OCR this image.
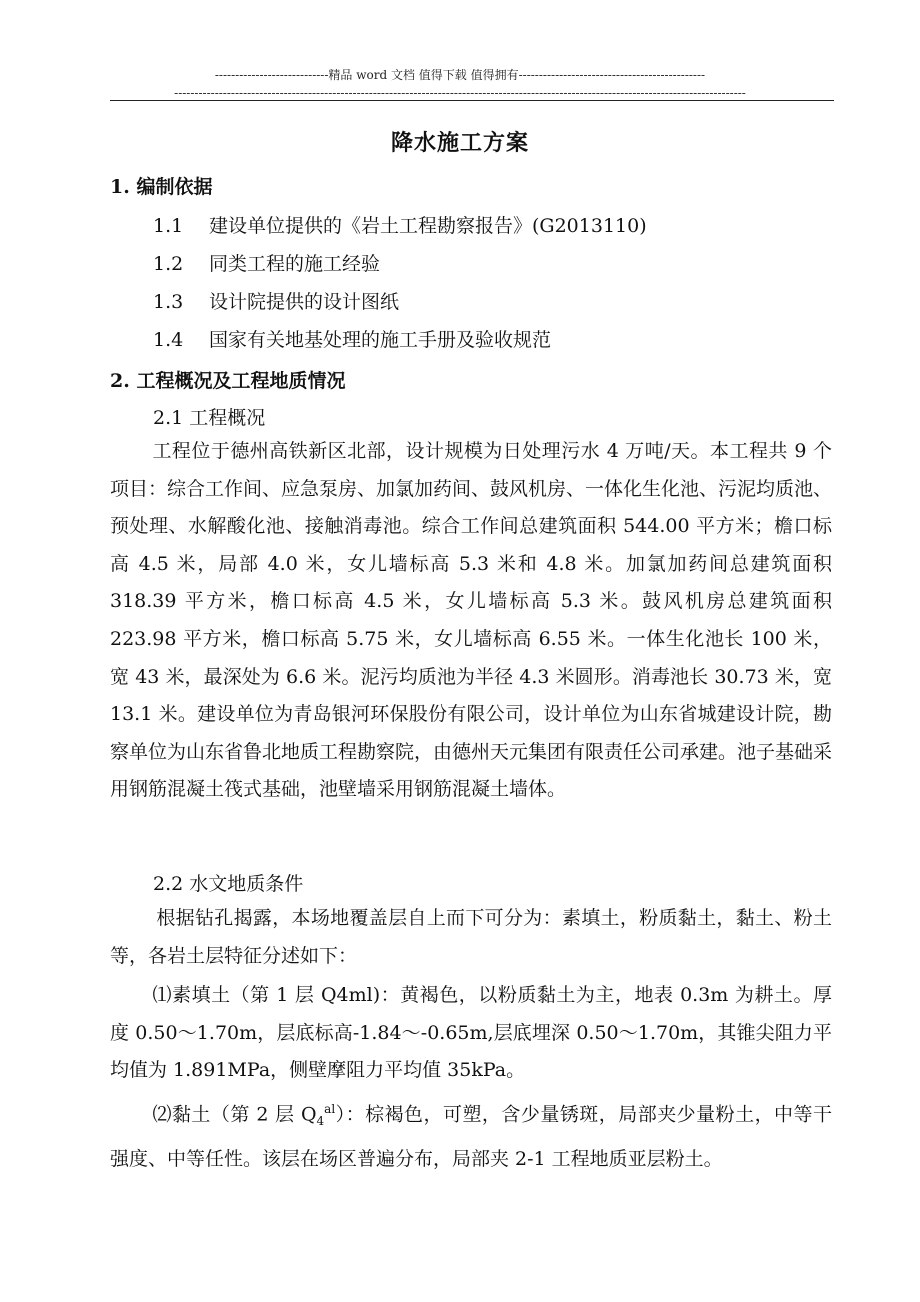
----------------------------精品 word 文档 值得下载 值得拥有----------------------------------------------
---------------------------------------------------------------------------------------------------------------------------------------------
降水施工方案
1. 编制依据
1.1 建设单位提供的《岩土工程勘察报告》(G2013110)
1.2 同类工程的施工经验
1.3 设计院提供的设计图纸
1.4 国家有关地基处理的施工手册及验收规范
2. 工程概况及工程地质情况
2.1 工程概况

工程位于德州高铁新区北部，设计规模为日处理污水 4 万吨/天。本工程共 9 个项目：综合工作间、应急泵房、加氯加药间、鼓风机房、一体化生化池、污泥均质池、预处理、水解酸化池、接触消毒池。综合工作间总建筑面积 544.00 平方米；檐口标高 4.5 米，局部 4.0 米，女儿墙标高 5.3 米和 4.8 米。加氯加药间总建筑面积 318.39 平方米，檐口标高 4.5 米，女儿墙标高 5.3 米。鼓风机房总建筑面积 223.98 平方米，檐口标高 5.75 米，女儿墙标高 6.55 米。一体生化池长 100 米，宽 43 米，最深处为 6.6 米。泥污均质池为半径 4.3 米圆形。消毒池长 30.73 米，宽 13.1 米。建设单位为青岛银河环保股份有限公司，设计单位为山东省城建设计院，勘察单位为山东省鲁北地质工程勘察院，由德州天元集团有限责任公司承建。池子基础采用钢筋混凝土筏式基础，池壁墙采用钢筋混凝土墙体。

2.2 水文地质条件

根据钻孔揭露，本场地覆盖层自上而下可分为：素填土，粉质黏土，黏土、粉土等，各岩土层特征分述如下：

⑴素填土（第 1 层 Q4ml)：黄褐色，以粉质黏土为主，地表 0.3m 为耕土。厚度 0.50～1.70m，层底标高-1.84～-0.65m,层底埋深 0.50～1.70m，其锥尖阻力平均值为 1.891MPa，侧壁摩阻力平均值 35kPa。

⑵黏土（第 2 层 $Q_4^{al}$）：棕褐色，可塑，含少量锈斑，局部夹少量粉土，中等干强度、中等任性。该层在场区普遍分布，局部夹 2-1 工程地质亚层粉土。
